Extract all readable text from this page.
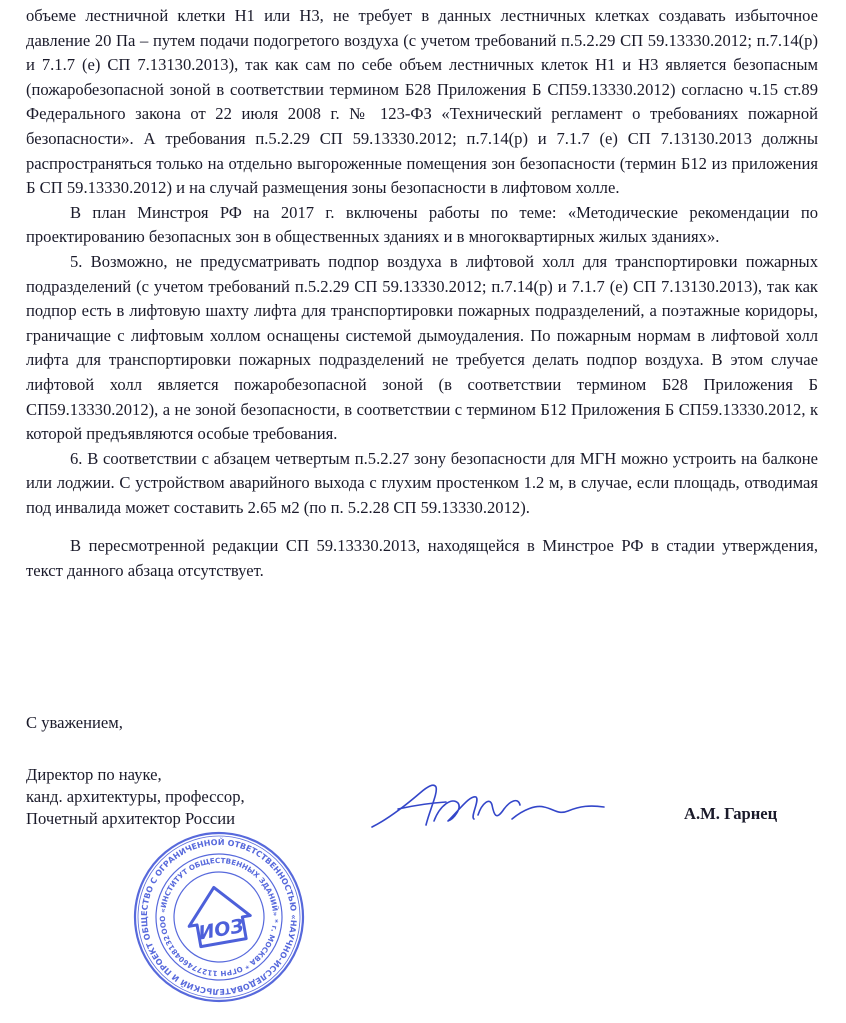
объеме лестничной клетки Н1 или Н3, не требует в данных лестничных клетках создавать избыточное давление 20 Па – путем подачи подогретого воздуха (с учетом требований п.5.2.29 СП 59.13330.2012; п.7.14(р) и 7.1.7 (е) СП 7.13130.2013), так как сам по себе объем лестничных клеток Н1 и Н3 является безопасным (пожаробезопасной зоной в соответствии термином Б28 Приложения Б СП59.13330.2012) согласно ч.15 ст.89 Федерального закона от 22 июля 2008 г. № 123-ФЗ «Технический регламент о требованиях пожарной безопасности». А требования п.5.2.29 СП 59.13330.2012; п.7.14(р) и 7.1.7 (е) СП 7.13130.2013 должны распространяться только на отдельно выгороженные помещения зон безопасности (термин Б12 из приложения Б СП 59.13330.2012) и на случай размещения зоны безопасности в лифтовом холле.

В план Минстроя РФ на 2017 г. включены работы по теме: «Методические рекомендации по проектированию безопасных зон в общественных зданиях и в многоквартирных жилых зданиях».

5. Возможно, не предусматривать подпор воздуха в лифтовой холл для транспортировки пожарных подразделений (с учетом требований п.5.2.29 СП 59.13330.2012; п.7.14(р) и 7.1.7 (е) СП 7.13130.2013), так как подпор есть в лифтовую шахту лифта для транспортировки пожарных подразделений, а поэтажные коридоры, граничащие с лифтовым холлом оснащены системой дымоудаления. По пожарным нормам в лифтовой холл лифта для транспортировки пожарных подразделений не требуется делать подпор воздуха. В этом случае лифтовой холл является пожаробезопасной зоной (в соответствии термином Б28 Приложения Б СП59.13330.2012), а не зоной безопасности, в соответствии с термином Б12 Приложения Б СП59.13330.2012, к которой предъявляются особые требования.

6. В соответствии с абзацем четвертым п.5.2.27 зону безопасности для МГН можно устроить на балконе или лоджии. С устройством аварийного выхода с глухим простенком 1.2 м, в случае, если площадь, отводимая под инвалида может составить 2.65 м2 (по п. 5.2.28 СП 59.13330.2012).

В пересмотренной редакции СП 59.13330.2013, находящейся в Минстрое РФ в стадии утверждения, текст данного абзаца отсутствует.

С уважением,
Директор по науке,
канд. архитектуры, профессор,
Почетный архитектор России	А.М. Гарнец
ОБЩЕСТВО С ОГРАНИЧЕННОЙ ОТВЕТСТВЕННОСТЬЮ «НАУЧНО-ИССЛЕДОВАТЕЛЬСКИЙ И ПРОЕКТНЫЙ
ООО «ИНСТИТУТ ОБЩЕСТВЕННЫХ ЗДАНИЙ» * г. МОСКВА * ОГРН 1127746048132	ИОЗ
